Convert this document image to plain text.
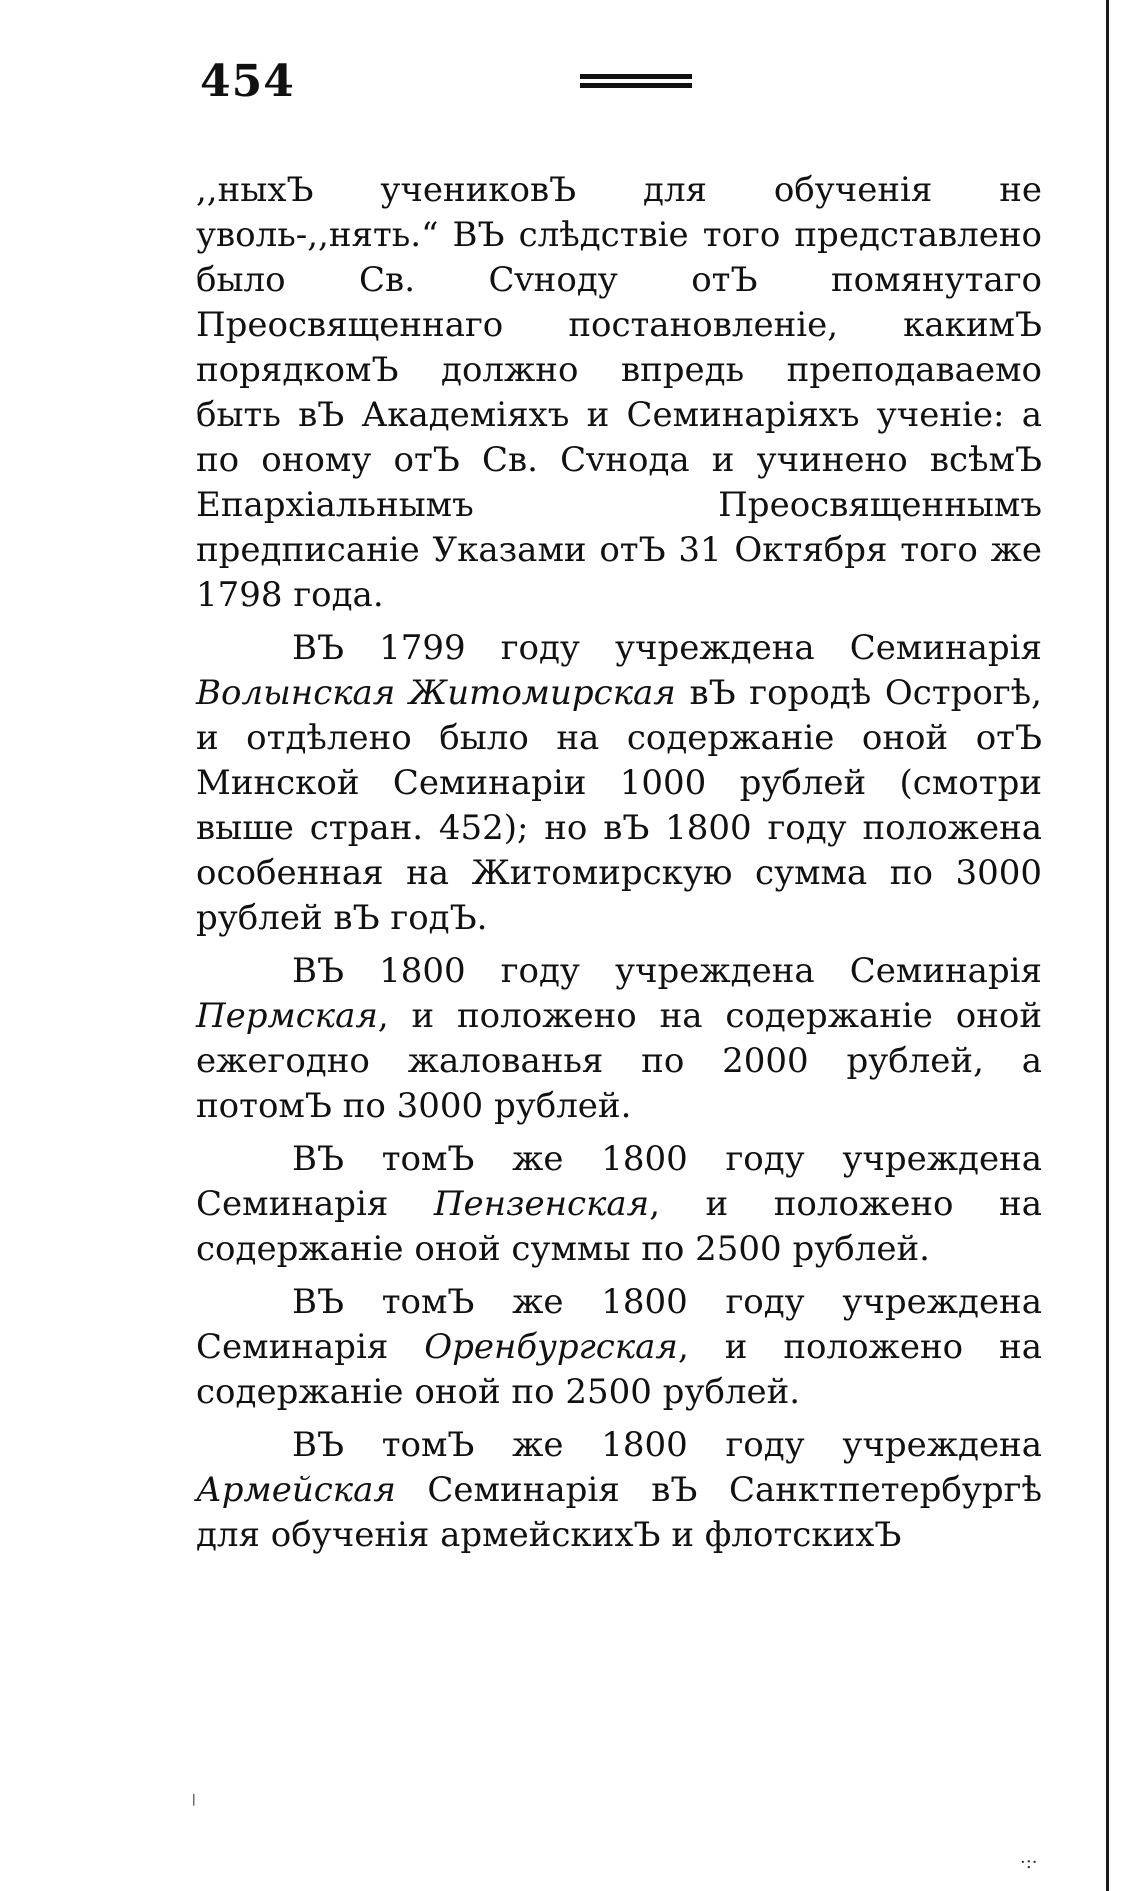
454

,,ныхЪ учениковЪ для обученія не уволь-,,нять.“ ВЪ слѣдствіе того представлено было Св. Сvноду отЪ помянутаго Преосвященнаго постановленіе, какимЪ порядкомЪ должно впредь преподаваемо быть вЪ Академіяхъ и Семинаріяхъ ученіе: а по оному отЪ Св. Сvнода и учинено всѣмЪ Епархіальнымъ Преосвященнымъ предписаніе Указами отЪ 31 Октября того же 1798 года.

ВЪ 1799 году учреждена Семинарія Волынская Житомирская вЪ городѣ Острогѣ, и отдѣлено было на содержаніе оной отЪ Минской Семинаріи 1000 рублей (смотри выше стран. 452); но вЪ 1800 году положена особенная на Житомирскую сумма по 3000 рублей вЪ годЪ.

ВЪ 1800 году учреждена Семинарія Пермская, и положено на содержаніе оной ежегодно жалованья по 2000 рублей, а потомЪ по 3000 рублей.

ВЪ томЪ же 1800 году учреждена Семинарія Пензенская, и положено на содержаніе оной суммы по 2500 рублей.

ВЪ томЪ же 1800 году учреждена Семинарія Оренбургская, и положено на содержаніе оной по 2500 рублей.

ВЪ томЪ же 1800 году учреждена Армейская Семинарія вЪ Санктпетербургѣ для обученія армейскихЪ и флотскихЪ

ᛌ
·:·
